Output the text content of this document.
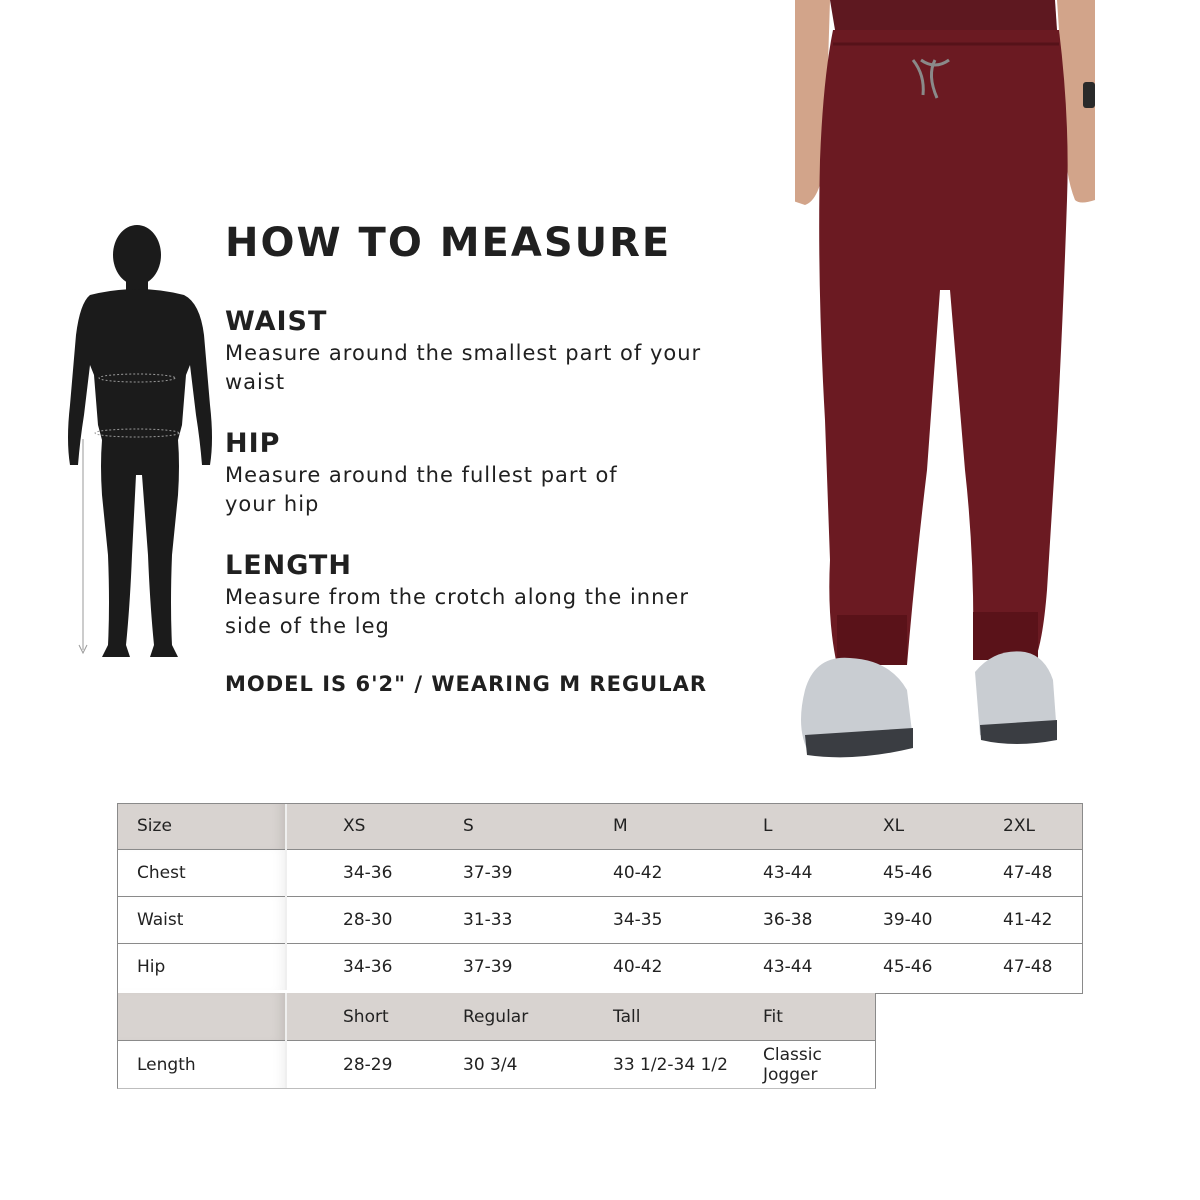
HOW TO MEASURE
WAIST
Measure around the smallest part of your
waist
HIP
Measure around the fullest part of
your hip
LENGTH
Measure from the crotch along the inner
side of the leg
MODEL IS 6'2" / WEARING M REGULAR
Size	XS	S	M	L	XL	2XL
Chest	34-36	37-39	40-42	43-44	45-46	47-48
Waist	28-30	31-33	34-35	36-38	39-40	41-42
Hip	34-36	37-39	40-42	43-44	45-46	47-48
	Short	Regular	Tall	Fit
Length	28-29	30 3/4	33 1/2-34 1/2	Classic Jogger
